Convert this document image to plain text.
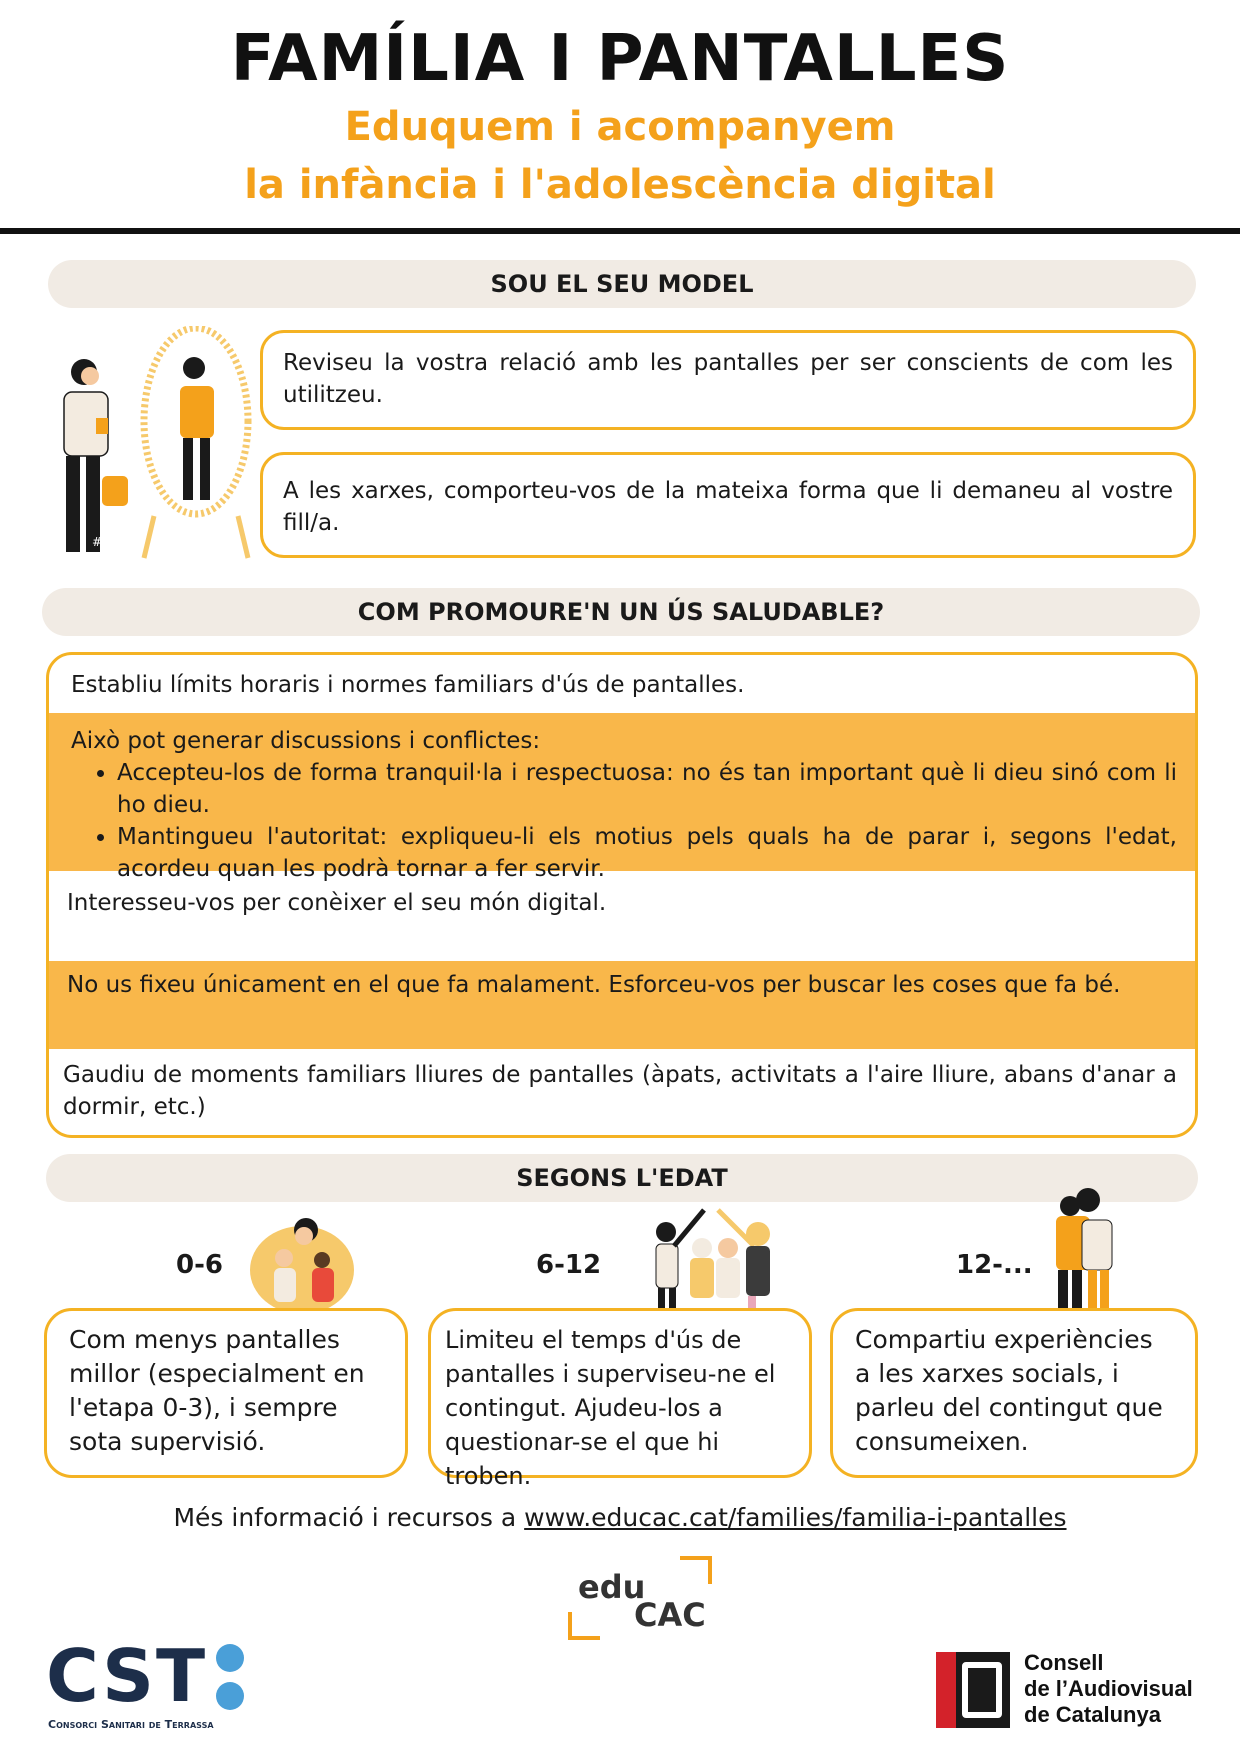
FAMÍLIA I PANTALLES
Eduquem i acompanyem
la infància i l'adolescència digital
SOU EL SEU MODEL
#
Reviseu la vostra relació amb les pantalles per ser conscients de com les utilitzeu.
A les xarxes, comporteu-vos de la mateixa forma que li demaneu al vostre fill/a.
COM PROMOURE'N UN ÚS SALUDABLE?
Establiu límits horaris i normes familiars d'ús de pantalles.
Això pot generar discussions i conflictes:
• Accepteu-los de forma tranquil·la i respectuosa: no és tan important què li dieu sinó com li ho dieu.
• Mantingueu l'autoritat: expliqueu-li els motius pels quals ha de parar i, segons l'edat, acordeu quan les podrà tornar a fer servir.
Interesseu-vos per conèixer el seu món digital.
No us fixeu únicament en el que fa malament. Esforceu-vos per buscar les coses que fa bé.
Gaudiu de moments familiars lliures de pantalles (àpats, activitats a l'aire lliure, abans d'anar a dormir, etc.)
SEGONS L'EDAT
0-6
Com menys pantalles millor (especialment en l'etapa 0-3), i sempre sota supervisió.
6-12
Limiteu el temps d'ús de pantalles i superviseu-ne el contingut. Ajudeu-los a questionar-se el que hi troben.
12-...
Compartiu experiències a les xarxes socials, i parleu del contingut que consumeixen.
Més informació i recursos a www.educac.cat/families/familia-i-pantalles
edu
CAC
CST
Consorci Sanitari de Terrassa
Consell
de l’Audiovisual
de Catalunya
